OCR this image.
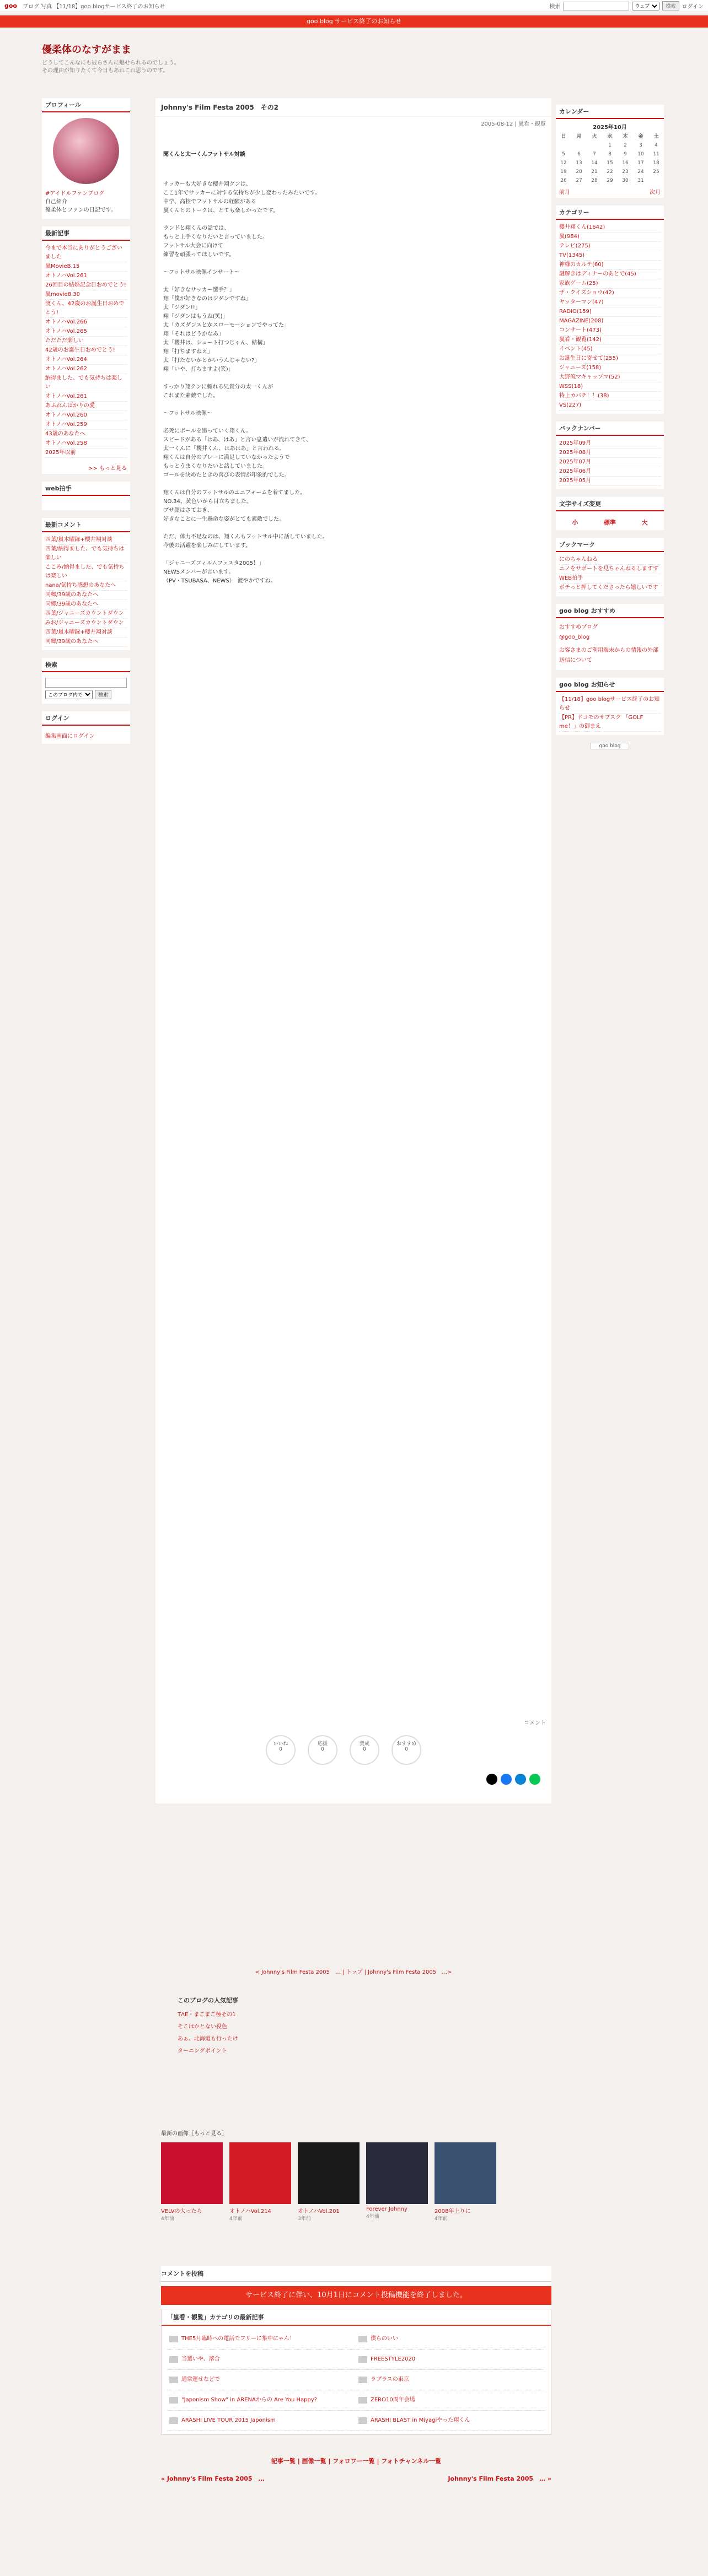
goo ブログ 写真 【11/18】goo blogサービス終了のお知らせ	検索
ウェブ	検索	ログイン
goo blog サービス終了のお知らせ
優柔体のなすがまま

どうしてこんなにも彼らさんに魅せられるのでしょう。
その理由が知りたくて今日もあれこれ思うのです。

プロフィール
#アイドルファンブログ
自己紹介
優柔体とファンの日記です。
最新記事
今まで本当にありがとうございました
嵐MovieB.15
オトノハVol.261
26回目の結婚記念日おめでとう!
嵐movie8.30
渡くん、42歳のお誕生日おめでとう!
オトノハVol.266
オトノハVol.265
ただただ楽しい
42歳のお誕生日おめでとう!
オトノハVol.264
オトノハVol.262
納得ました、でも気持ちは楽しい
オトノハVol.261
あふれんばかりの愛
オトノハVol.260
オトノハVol.259
43歳のあなたへ
オトノハVol.258
2025年以前
>> もっと見る
web拍手
最新コメント
四葉/嵐木曜録+櫻井翔対談
四葉/納得ました、でも気持ちは楽しい
ここみ/納得ました、でも気持ちは楽しい
nana/気持ち感想のあなたへ
同郷/39歳のあなたへ
同郷/39歳のあなたへ
四葉/ジャニーズカウントダウン
みお/ジャニーズカウントダウン
四葉/嵐木曜録+櫻井翔対談
同郷/39歳のあなたへ
検索
このブログ内で
検索
ログイン
編集画面にログイン
Johnny's Film Festa 2005　その2
2005-08-12 | 嵐看・観覧

聞くんと太一くんフットサル対談

サッカーも大好きな櫻井翔クンは、
ここ1年でサッカーに対する気持ちが少し変わったみたいです。
中学、高校でフットサルの経験がある
嵐くんとのトークは、とても楽しかったです。

ランドと翔くんの話では、
もっと上手くなりたいと言っていました。
フットサル大会に向けて
練習を頑張ってほしいです。

〜フットサル映像インサート〜

太「好きなサッカー選手？」
翔「僕が好きなのはジダンですね」
太「ジダン!!」
翔「ジダンはもうね(笑)」
太「カズダンスとかスローモーションでやってた」
翔「それはどうかなあ」
太「櫻井は、シュート打つじゃん、結構」
翔「打ちますねえ」
太「打たないかとかいうんじゃない?」
翔「いや、打ちますよ(笑)」

すっかり翔クンに頼れる兄貴分の太一くんが
これまた素敵でした。

〜フットサル映像〜

必死にボールを追っていく翔くん。
スピードがある「はあ、はあ」と言い息遣いが流れてきて、
太一くんに「櫻井くん、はあはあ」と言われる。
翔くんは自分のプレーに満足していなかったようで
もっとうまくなりたいと話していました。
ゴールを決めたときの喜びの表情が印象的でした。

翔くんは自分のフットサルのユニフォームを着てました。
NO.34、黄色いから目立ちました。
ブサ顔はさておき、
好きなことに一生懸命な姿がとても素敵でした。

ただ、体力不足なのは、翔くんもフットサル中に話していました。
今後の活躍を楽しみにしています。

「ジャニーズフィルムフェスタ2005！」
NEWSメンバーが言います。
（PV・TSUBASA、NEWS）　渡やかですね。

コメント
いいね
0
応援
0
賛成
0
おすすめ
0
カレンダー
2025年10月
日	月	火	水	木	金	土
			1	2	3	4
5	6	7	8	9	10	11
12	13	14	15	16	17	18
19	20	21	22	23	24	25
26	27	28	29	30	31	
前月	次月
カテゴリー
櫻井翔くん(1642)
嵐(984)
テレビ(275)
TV(1345)
神様のカルテ(60)
謎解きはディナーのあとで(45)
家族ゲーム(25)
ザ・クイズショウ(42)
ヤッターマン(47)
RADIO(159)
MAGAZINE(208)
コンサート(473)
嵐看・観覧(142)
イベント(45)
お誕生日に寄せて(255)
ジャニーズ(158)
大野流マキャップマ(52)
WSS(18)
特上カバチ！！(38)
VS(227)
バックナンバー
2025年09月
2025年08月
2025年07月
2025年06月
2025年05月
文字サイズ変更
小	標準	大
ブックマーク
にのちゃんねる
ニノをサポートを見ちゃんねるしますす
WEB拍手
ポチっと押してくださったら嬉しいです
goo blog おすすめ
おすすめブログ
@goo_blog
お客さまのご利用端末からの情報の外部送信について
goo blog お知らせ
【11/18】goo blogサービス終了のお知らせ
【PR】ドコモのサブスク 「GOLF me！」の御まえ
goo blog
< Johnny's Film Festa 2005　… | トップ | Johnny's Film Festa 2005　…>
このブログの人気記事
TΛE・まごまご極その1
そこはかとない役色
あぁ、北海道も行ったけ
ターニングポイント
最新の画像［もっと見る］
VELVの大ったら
4年前
オトノハVol.214
4年前
オトノハVol.201
3年前
Forever Johnny
4年前
2008年上りに
4年前
コメントを投稿
サービス終了に伴い、10月1日にコメント投稿機能を終了しました。
「嵐看・観覧」カテゴリの最新記事
THE5月臨時への電話でフリーに集中にゃん！	僕らのいい
当選いや、落合	FREESTYLE2020
通常運せなどで	ラプラスの東京
"Japonism Show" in ARENAからの Are You Happy?	ZERO10周年会場
ARASHI LIVE TOUR 2015 Japonism	ARASHI BLAST in Miyagiやった翔くん
記事一覧 | 画像一覧 | フォロワー一覧 | フォトチャンネル一覧
« Johnny's Film Festa 2005　…	Johnny's Film Festa 2005　… »
